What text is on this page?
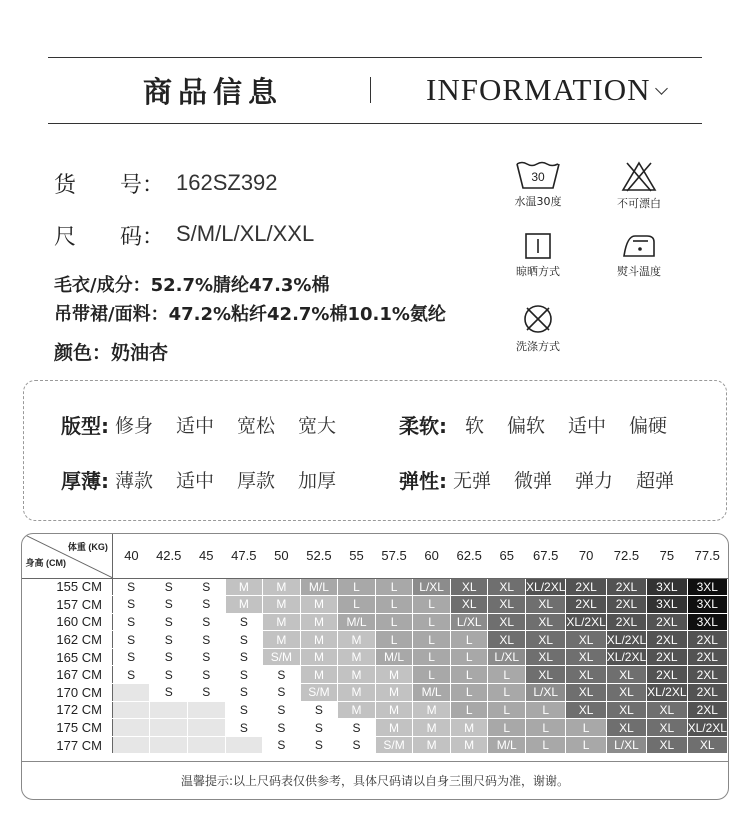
商品信息	INFORMATION
货　　号： 162SZ392
尺　　码： S/M/L/XL/XXL
毛衣/成分：52.7%腈纶47.3%棉
吊带裙/面料：47.2%粘纤42.7%棉10.1%氨纶
颜色：奶油杏
30
水温30度	不可漂白
晾晒方式	熨斗温度
洗涤方式
版型: 修身 适中 宽松 宽大	柔软: 软 偏软 适中 偏硬
厚薄: 薄款 适中 厚款 加厚	弹性: 无弹 微弹 弹力 超弹
体重 (KG)
身高 (CM)	40	42.5	45	47.5	50	52.5	55	57.5	60	62.5	65	67.5	70	72.5	75	77.5
155 CM	S	S	S	M	M	M/L	L	L	L/XL	XL	XL	XL/2XL	2XL	2XL	3XL	3XL
157 CM	S	S	S	M	M	M	L	L	L	XL	XL	XL	2XL	2XL	3XL	3XL
160 CM	S	S	S	S	M	M	M/L	L	L	L/XL	XL	XL	XL/2XL	2XL	2XL	3XL
162 CM	S	S	S	S	M	M	M	L	L	L	XL	XL	XL	XL/2XL	2XL	2XL
165 CM	S	S	S	S	S/M	M	M	M/L	L	L	L/XL	XL	XL	XL/2XL	2XL	2XL
167 CM	S	S	S	S	S	M	M	M	L	L	L	XL	XL	XL	2XL	2XL
170 CM		S	S	S	S	S/M	M	M	M/L	L	L	L/XL	XL	XL	XL/2XL	2XL
172 CM				S	S	S	M	M	M	L	L	L	XL	XL	XL	2XL
175 CM				S	S	S	S	M	M	M	L	L	L	XL	XL	XL/2XL
177 CM					S	S	S	S/M	M	M	M/L	L	L	L/XL	XL	XL
温馨提示:以上尺码表仅供参考，具体尺码请以自身三围尺码为准，谢谢。
